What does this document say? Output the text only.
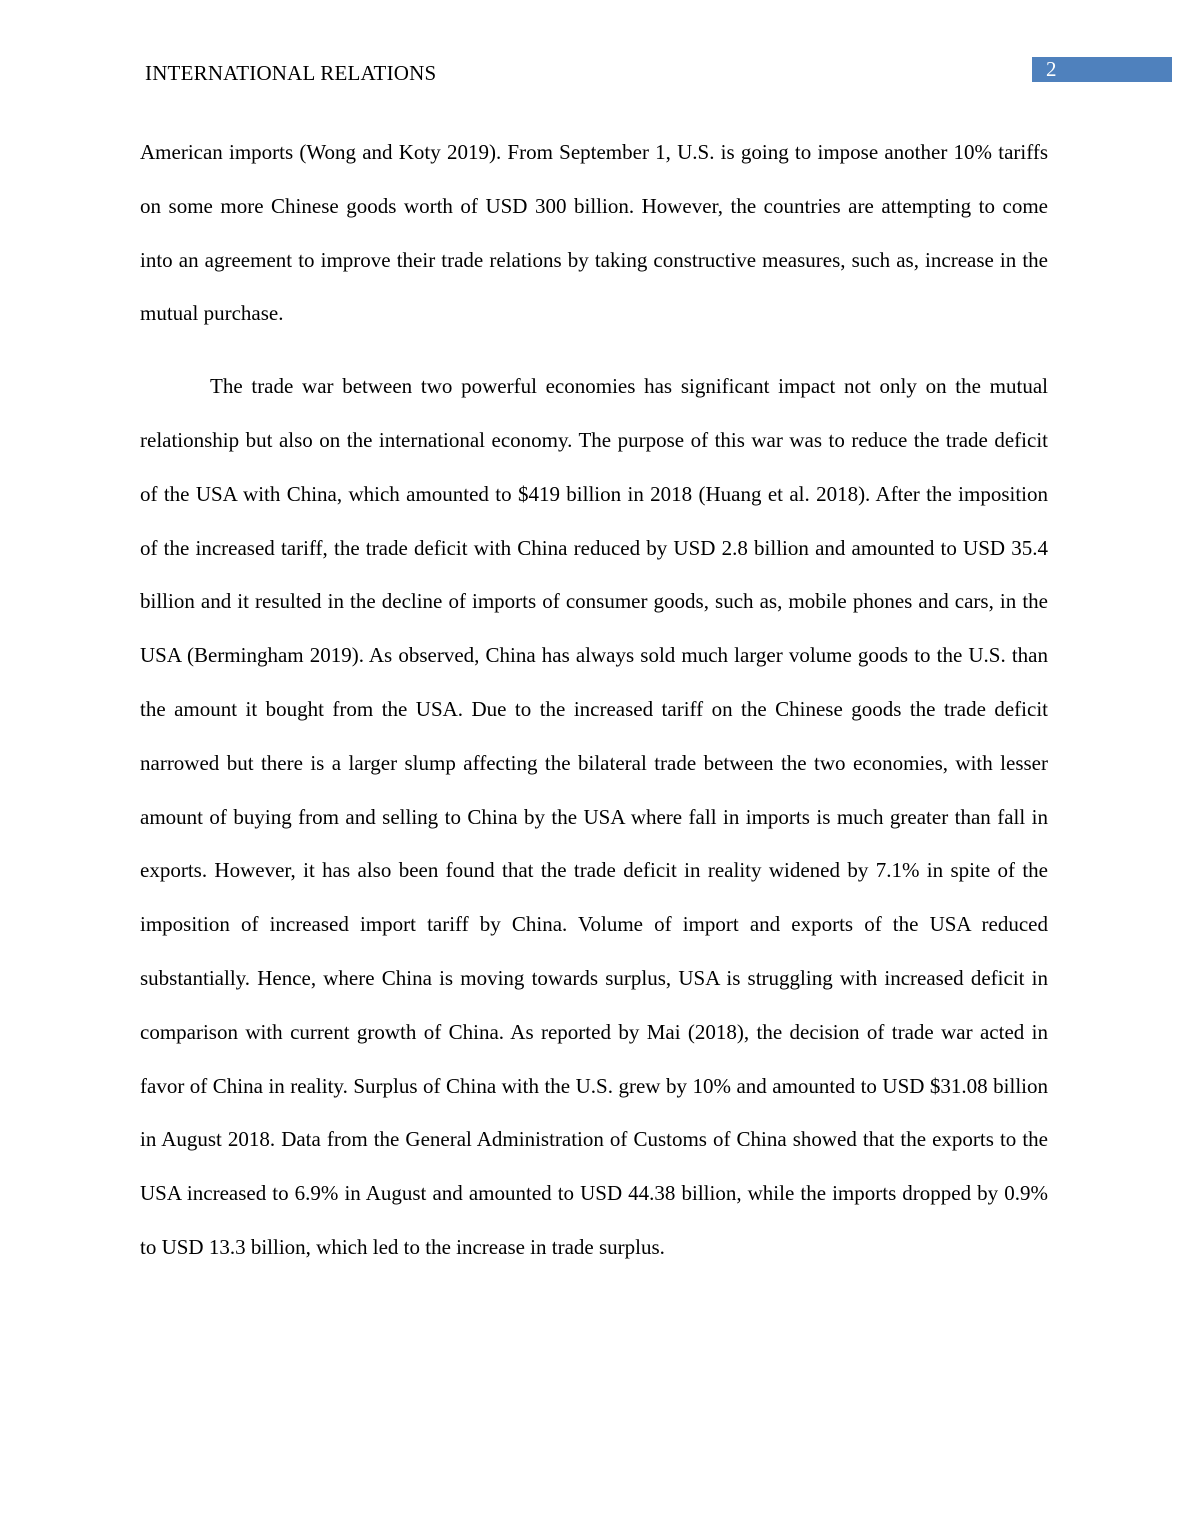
INTERNATIONAL RELATIONS	2

American imports (Wong and Koty 2019). From September 1, U.S. is going to impose another 10% tariffs on some more Chinese goods worth of USD 300 billion. However, the countries are attempting to come into an agreement to improve their trade relations by taking constructive measures, such as, increase in the mutual purchase.

The trade war between two powerful economies has significant impact not only on the mutual relationship but also on the international economy. The purpose of this war was to reduce the trade deficit of the USA with China, which amounted to $419 billion in 2018 (Huang et al. 2018). After the imposition of the increased tariff, the trade deficit with China reduced by USD 2.8 billion and amounted to USD 35.4 billion and it resulted in the decline of imports of consumer goods, such as, mobile phones and cars, in the USA (Bermingham 2019). As observed, China has always sold much larger volume goods to the U.S. than the amount it bought from the USA. Due to the increased tariff on the Chinese goods the trade deficit narrowed but there is a larger slump affecting the bilateral trade between the two economies, with lesser amount of buying from and selling to China by the USA where fall in imports is much greater than fall in exports. However, it has also been found that the trade deficit in reality widened by 7.1% in spite of the imposition of increased import tariff by China. Volume of import and exports of the USA reduced substantially. Hence, where China is moving towards surplus, USA is struggling with increased deficit in comparison with current growth of China. As reported by Mai (2018), the decision of trade war acted in favor of China in reality. Surplus of China with the U.S. grew by 10% and amounted to USD $31.08 billion in August 2018. Data from the General Administration of Customs of China showed that the exports to the USA increased to 6.9% in August and amounted to USD 44.38 billion, while the imports dropped by 0.9% to USD 13.3 billion, which led to the increase in trade surplus.
